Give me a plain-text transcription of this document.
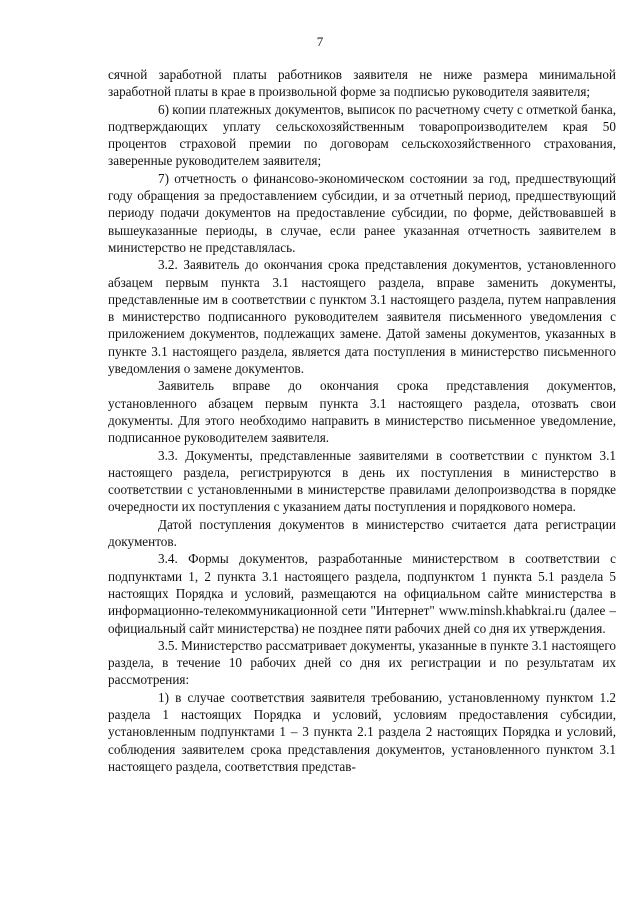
7

сячной заработной платы работников заявителя не ниже размера минимальной заработной платы в крае в произвольной форме за подписью руководителя заявителя;

6) копии платежных документов, выписок по расчетному счету с отметкой банка, подтверждающих уплату сельскохозяйственным товаропроизводителем края 50 процентов страховой премии по договорам сельскохозяйственного страхования, заверенные руководителем заявителя;

7) отчетность о финансово-экономическом состоянии за год, предшествующий году обращения за предоставлением субсидии, и за отчетный период, предшествующий периоду подачи документов на предоставление субсидии, по форме, действовавшей в вышеуказанные периоды, в случае, если ранее указанная отчетность заявителем в министерство не представлялась.

3.2. Заявитель до окончания срока представления документов, установленного абзацем первым пункта 3.1 настоящего раздела, вправе заменить документы, представленные им в соответствии с пунктом 3.1 настоящего раздела, путем направления в министерство подписанного руководителем заявителя письменного уведомления с приложением документов, подлежащих замене. Датой замены документов, указанных в пункте 3.1 настоящего раздела, является дата поступления в министерство письменного уведомления о замене документов.

Заявитель вправе до окончания срока представления документов, установленного абзацем первым пункта 3.1 настоящего раздела, отозвать свои документы. Для этого необходимо направить в министерство письменное уведомление, подписанное руководителем заявителя.

3.3. Документы, представленные заявителями в соответствии с пунктом 3.1 настоящего раздела, регистрируются в день их поступления в министерство в соответствии с установленными в министерстве правилами делопроизводства в порядке очередности их поступления с указанием даты поступления и порядкового номера.

Датой поступления документов в министерство считается дата регистрации документов.

3.4. Формы документов, разработанные министерством в соответствии с подпунктами 1, 2 пункта 3.1 настоящего раздела, подпунктом 1 пункта 5.1 раздела 5 настоящих Порядка и условий, размещаются на официальном сайте министерства в информационно-телекоммуникационной сети "Интернет" www.minsh.khabkrai.ru (далее – официальный сайт министерства) не позднее пяти рабочих дней со дня их утверждения.

3.5. Министерство рассматривает документы, указанные в пункте 3.1 настоящего раздела, в течение 10 рабочих дней со дня их регистрации и по результатам их рассмотрения:

1) в случае соответствия заявителя требованию, установленному пунктом 1.2 раздела 1 настоящих Порядка и условий, условиям предоставления субсидии, установленным подпунктами 1 – 3 пункта 2.1 раздела 2 настоящих Порядка и условий, соблюдения заявителем срока представления документов, установленного пунктом 3.1 настоящего раздела, соответствия представ-
